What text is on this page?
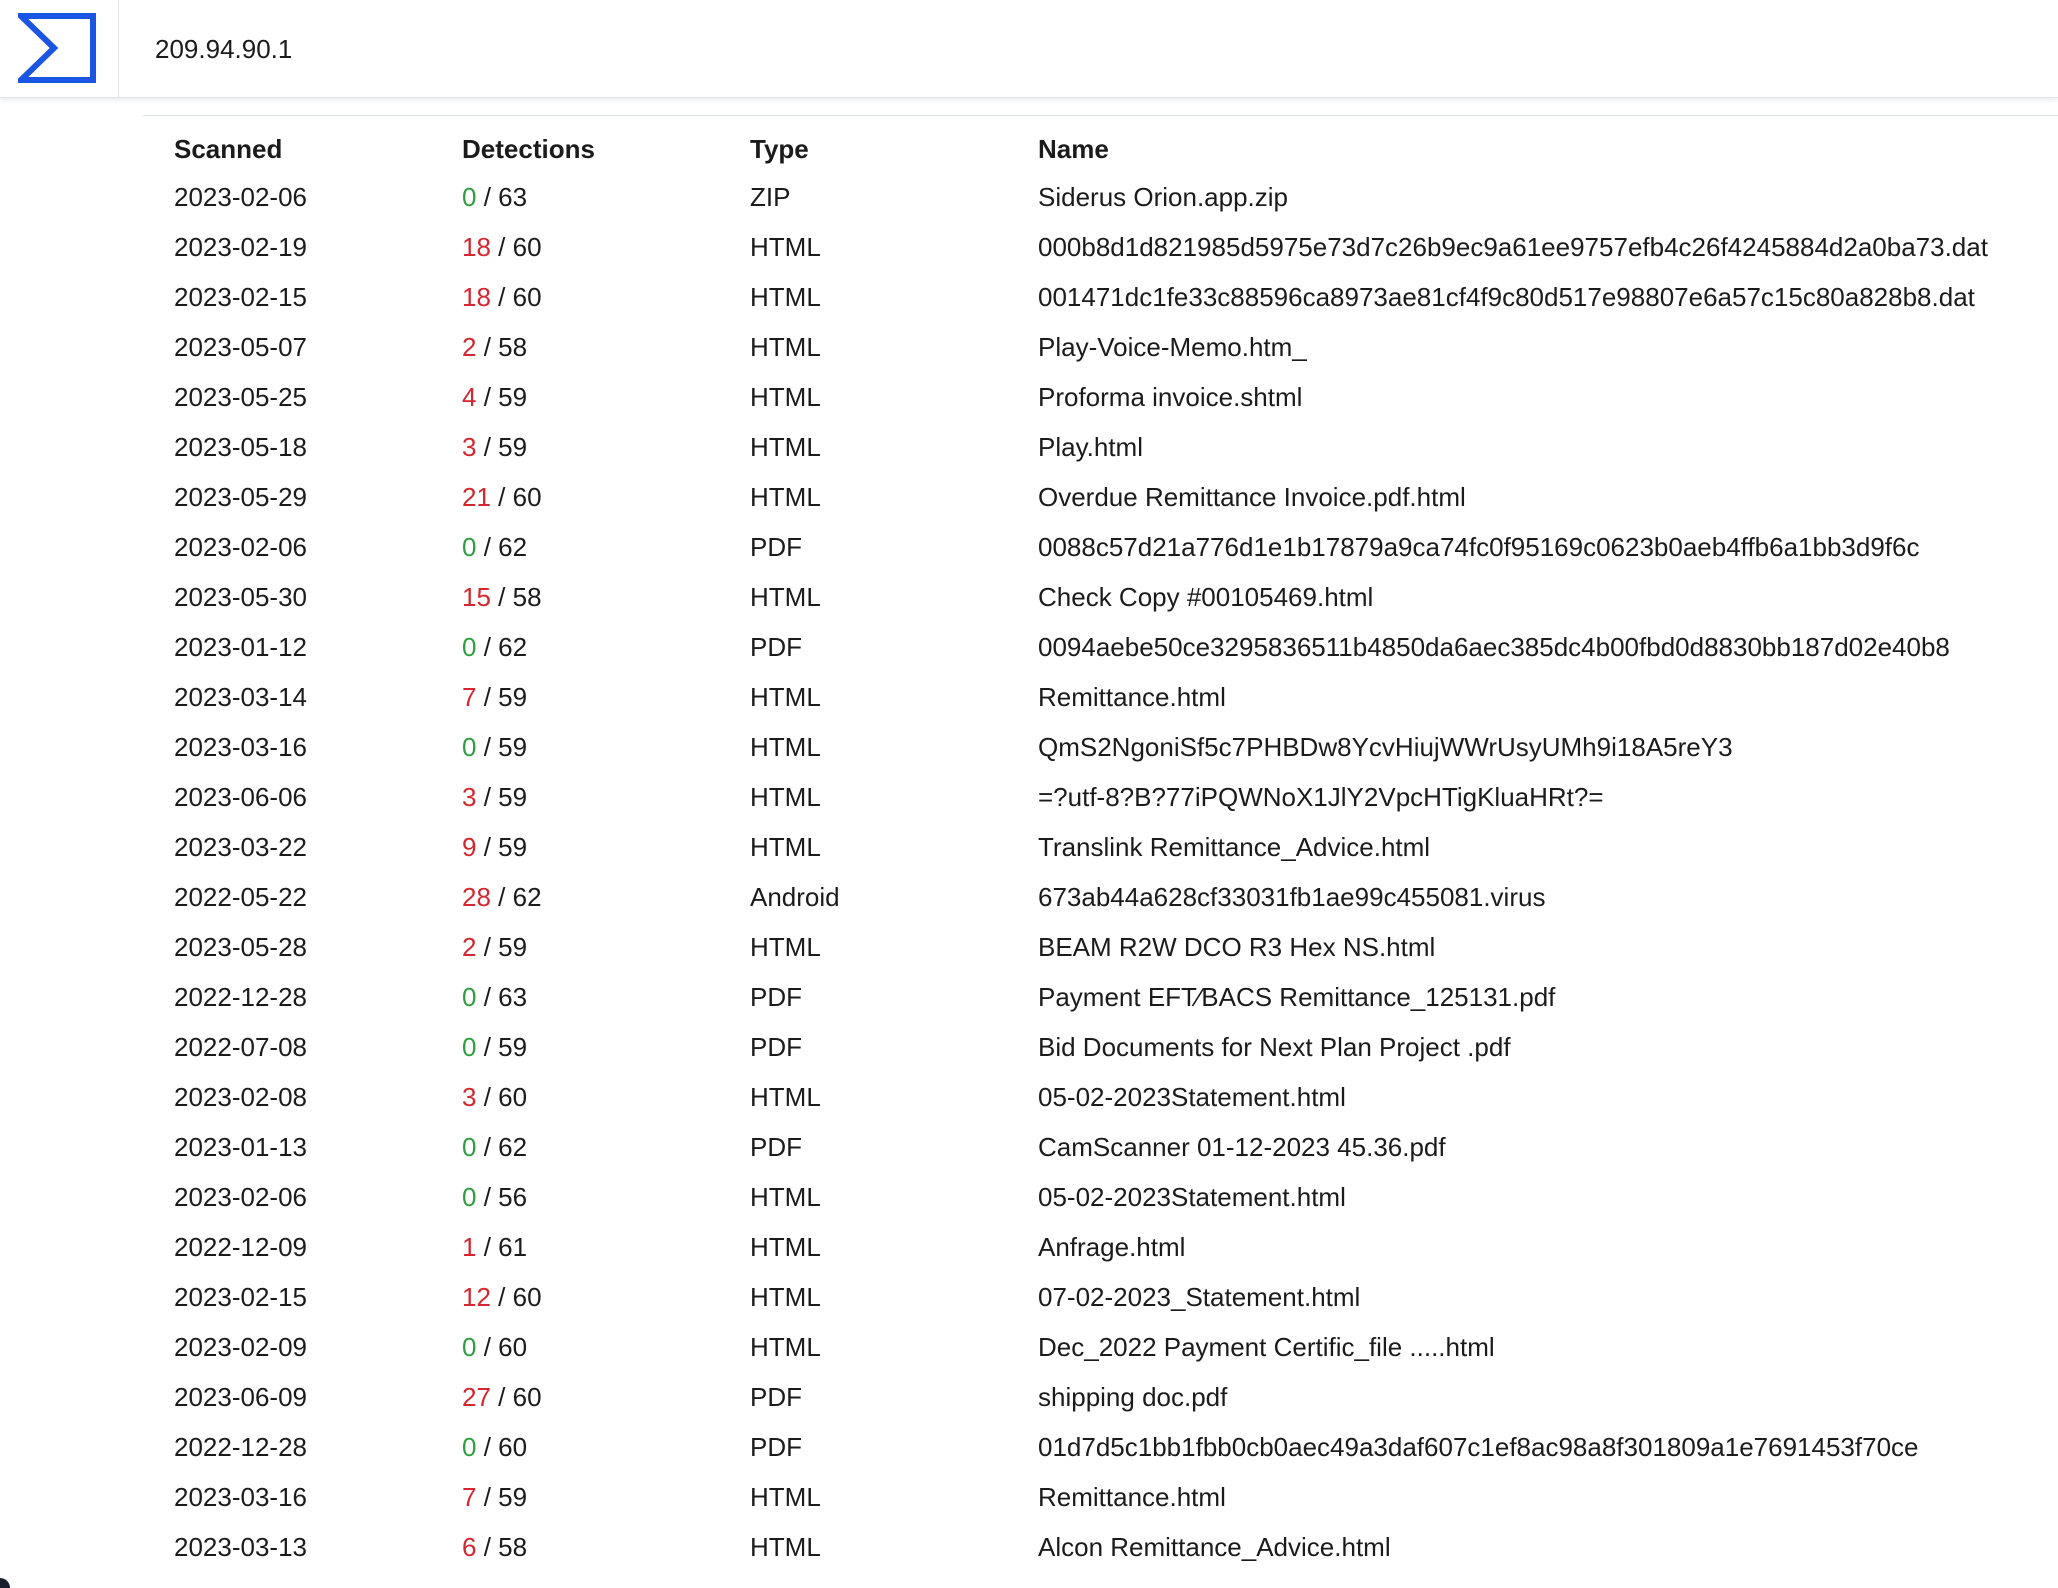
209.94.90.1
Scanned	Detections	Type	Name
2023-02-06	0 / 63	ZIP	Siderus Orion.app.zip
2023-02-19	18 / 60	HTML	000b8d1d821985d5975e73d7c26b9ec9a61ee9757efb4c26f4245884d2a0ba73.dat
2023-02-15	18 / 60	HTML	001471dc1fe33c88596ca8973ae81cf4f9c80d517e98807e6a57c15c80a828b8.dat
2023-05-07	2 / 58	HTML	Play-Voice-Memo.htm_
2023-05-25	4 / 59	HTML	Proforma invoice.shtml
2023-05-18	3 / 59	HTML	Play.html
2023-05-29	21 / 60	HTML	Overdue Remittance Invoice.pdf.html
2023-02-06	0 / 62	PDF	0088c57d21a776d1e1b17879a9ca74fc0f95169c0623b0aeb4ffb6a1bb3d9f6c
2023-05-30	15 / 58	HTML	Check Copy #00105469.html
2023-01-12	0 / 62	PDF	0094aebe50ce3295836511b4850da6aec385dc4b00fbd0d8830bb187d02e40b8
2023-03-14	7 / 59	HTML	Remittance.html
2023-03-16	0 / 59	HTML	QmS2NgoniSf5c7PHBDw8YcvHiujWWrUsyUMh9i18A5reY3
2023-06-06	3 / 59	HTML	=?utf-8?B?77iPQWNoX1JlY2VpcHTigKluaHRt?=
2023-03-22	9 / 59	HTML	Translink Remittance_Advice.html
2022-05-22	28 / 62	Android	673ab44a628cf33031fb1ae99c455081.virus
2023-05-28	2 / 59	HTML	BEAM R2W DCO R3 Hex NS.html
2022-12-28	0 / 63	PDF	Payment EFT∕BACS Remittance_125131.pdf
2022-07-08	0 / 59	PDF	Bid Documents for Next Plan Project .pdf
2023-02-08	3 / 60	HTML	05-02-2023Statement.html
2023-01-13	0 / 62	PDF	CamScanner 01-12-2023 45.36.pdf
2023-02-06	0 / 56	HTML	05-02-2023Statement.html
2022-12-09	1 / 61	HTML	Anfrage.html
2023-02-15	12 / 60	HTML	07-02-2023_Statement.html
2023-02-09	0 / 60	HTML	Dec_2022 Payment Certific_file .....html
2023-06-09	27 / 60	PDF	shipping doc.pdf
2022-12-28	0 / 60	PDF	01d7d5c1bb1fbb0cb0aec49a3daf607c1ef8ac98a8f301809a1e7691453f70ce
2023-03-16	7 / 59	HTML	Remittance.html
2023-03-13	6 / 58	HTML	Alcon Remittance_Advice.html
